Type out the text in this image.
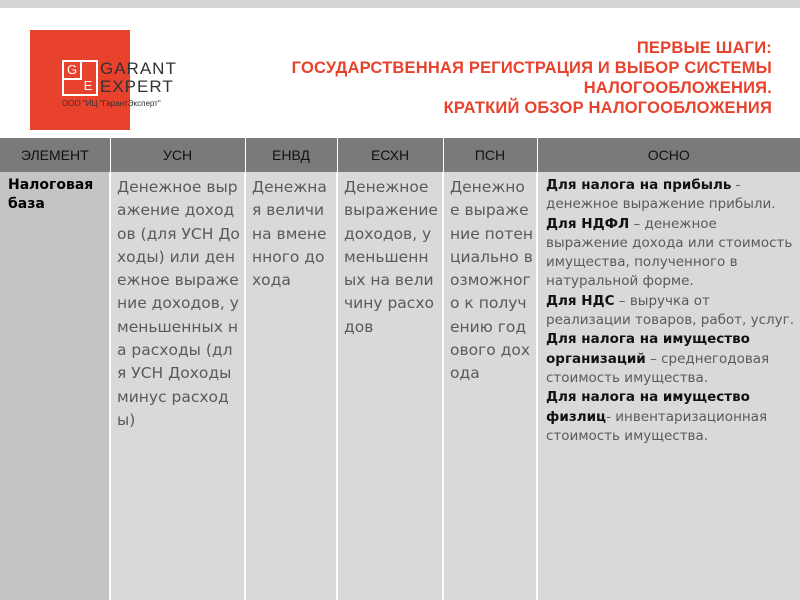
G
E
GARANT
EXPERT
ООО "ИЦ "ГарантЭксперт"
ПЕРВЫЕ ШАГИ:
ГОСУДАРСТВЕННАЯ РЕГИСТРАЦИЯ И ВЫБОР СИСТЕМЫ
НАЛОГООБЛОЖЕНИЯ.
КРАТКИЙ ОБЗОР НАЛОГООБЛОЖЕНИЯ
ЭЛЕМЕНТ	УСН	ЕНВД	ЕСХН	ПСН	ОСНО
Налоговая база	Денежное выражение доходов (для УСН Доходы) или денежное выражение доходов, уменьшенных на расходы (для УСН Доходы минус расходы)	Денежная величина вмененного дохода	Денежное выражение доходов, уменьшенных на величину расходов	Денежное выражение потенциально возможного к получению годового дохода	Для налога на прибыль - денежное выражение прибыли.
Для НДФЛ – денежное выражение дохода или стоимость имущества, полученного в натуральной форме.
Для НДС – выручка от реализации товаров, работ, услуг.
Для налога на имущество организаций – среднегодовая стоимость имущества.
Для налога на имущество физлиц- инвентаризационная стоимость имущества.
